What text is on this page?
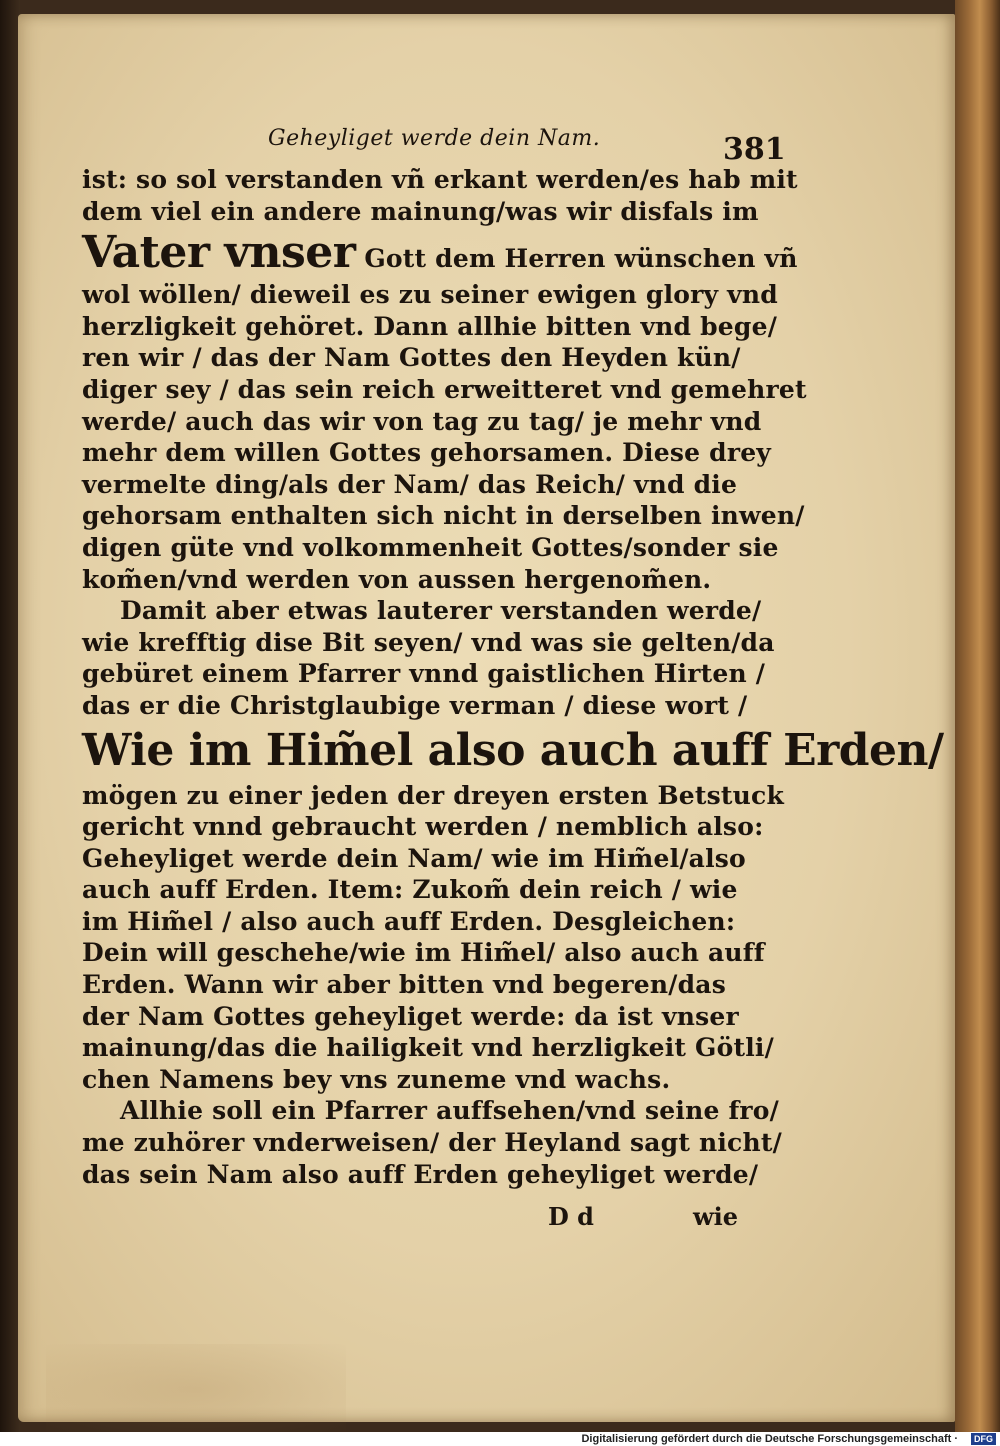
Geheyliget werde dein Nam.	381
ist: so sol verstanden vñ erkant werden/es hab mit
dem viel ein andere mainung/was wir disfals im
Vater vnser Gott dem Herren wünschen vñ
wol wöllen/ dieweil es zu seiner ewigen glory vnd
herzligkeit gehöret. Dann allhie bitten vnd bege/
ren wir / das der Nam Gottes den Heyden kün/
diger sey / das sein reich erweitteret vnd gemehret
werde/ auch das wir von tag zu tag/ je mehr vnd
mehr dem willen Gottes gehorsamen. Diese drey
vermelte ding/als der Nam/ das Reich/ vnd die
gehorsam enthalten sich nicht in derselben inwen/
digen güte vnd volkommenheit Gottes/sonder sie
kom̃en/vnd werden von aussen hergenom̃en.
Damit aber etwas lauterer verstanden werde/
wie krefftig dise Bit seyen/ vnd was sie gelten/da
gebüret einem Pfarrer vnnd gaistlichen Hirten /
das er die Christglaubige verman / diese wort /
Wie im Him̃el also auch auff Erden/
mögen zu einer jeden der dreyen ersten Betstuck
gericht vnnd gebraucht werden / nemblich also:
Geheyliget werde dein Nam/ wie im Him̃el/also
auch auff Erden. Item: Zukom̃ dein reich / wie
im Him̃el / also auch auff Erden. Desgleichen:
Dein will geschehe/wie im Him̃el/ also auch auff
Erden. Wann wir aber bitten vnd begeren/das
der Nam Gottes geheyliget werde: da ist vnser
mainung/das die hailigkeit vnd herzligkeit Götli/
chen Namens bey vns zuneme vnd wachs.
Allhie soll ein Pfarrer auffsehen/vnd seine fro/
me zuhörer vnderweisen/ der Heyland sagt nicht/
das sein Nam also auff Erden geheyliget werde/
D d	wie
Digitalisierung gefördert durch die Deutsche Forschungsgemeinschaft ·	DFG
